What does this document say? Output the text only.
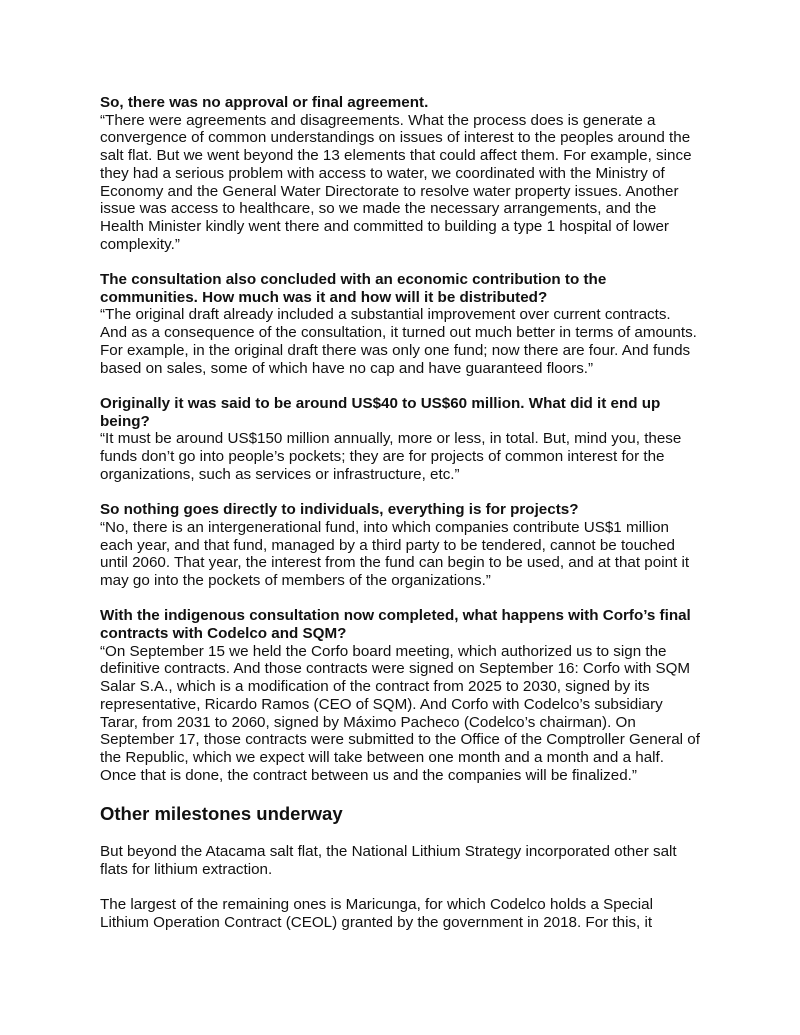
So, there was no approval or final agreement.

“There were agreements and disagreements. What the process does is generate a convergence of common understandings on issues of interest to the peoples around the salt flat. But we went beyond the 13 elements that could affect them. For example, since they had a serious problem with access to water, we coordinated with the Ministry of Economy and the General Water Directorate to resolve water property issues. Another issue was access to healthcare, so we made the necessary arrangements, and the Health Minister kindly went there and committed to building a type 1 hospital of lower complexity.”

The consultation also concluded with an economic contribution to the communities. How much was it and how will it be distributed?

“The original draft already included a substantial improvement over current contracts. And as a consequence of the consultation, it turned out much better in terms of amounts. For example, in the original draft there was only one fund; now there are four. And funds based on sales, some of which have no cap and have guaranteed floors.”

Originally it was said to be around US$40 to US$60 million. What did it end up being?

“It must be around US$150 million annually, more or less, in total. But, mind you, these funds don’t go into people’s pockets; they are for projects of common interest for the organizations, such as services or infrastructure, etc.”

So nothing goes directly to individuals, everything is for projects?

“No, there is an intergenerational fund, into which companies contribute US$1 million each year, and that fund, managed by a third party to be tendered, cannot be touched until 2060. That year, the interest from the fund can begin to be used, and at that point it may go into the pockets of members of the organizations.”

With the indigenous consultation now completed, what happens with Corfo’s final contracts with Codelco and SQM?

“On September 15 we held the Corfo board meeting, which authorized us to sign the definitive contracts. And those contracts were signed on September 16: Corfo with SQM Salar S.A., which is a modification of the contract from 2025 to 2030, signed by its representative, Ricardo Ramos (CEO of SQM). And Corfo with Codelco’s subsidiary Tarar, from 2031 to 2060, signed by Máximo Pacheco (Codelco’s chairman). On September 17, those contracts were submitted to the Office of the Comptroller General of the Republic, which we expect will take between one month and a month and a half. Once that is done, the contract between us and the companies will be finalized.”

Other milestones underway

But beyond the Atacama salt flat, the National Lithium Strategy incorporated other salt flats for lithium extraction.

The largest of the remaining ones is Maricunga, for which Codelco holds a Special Lithium Operation Contract (CEOL) granted by the government in 2018. For this, it
